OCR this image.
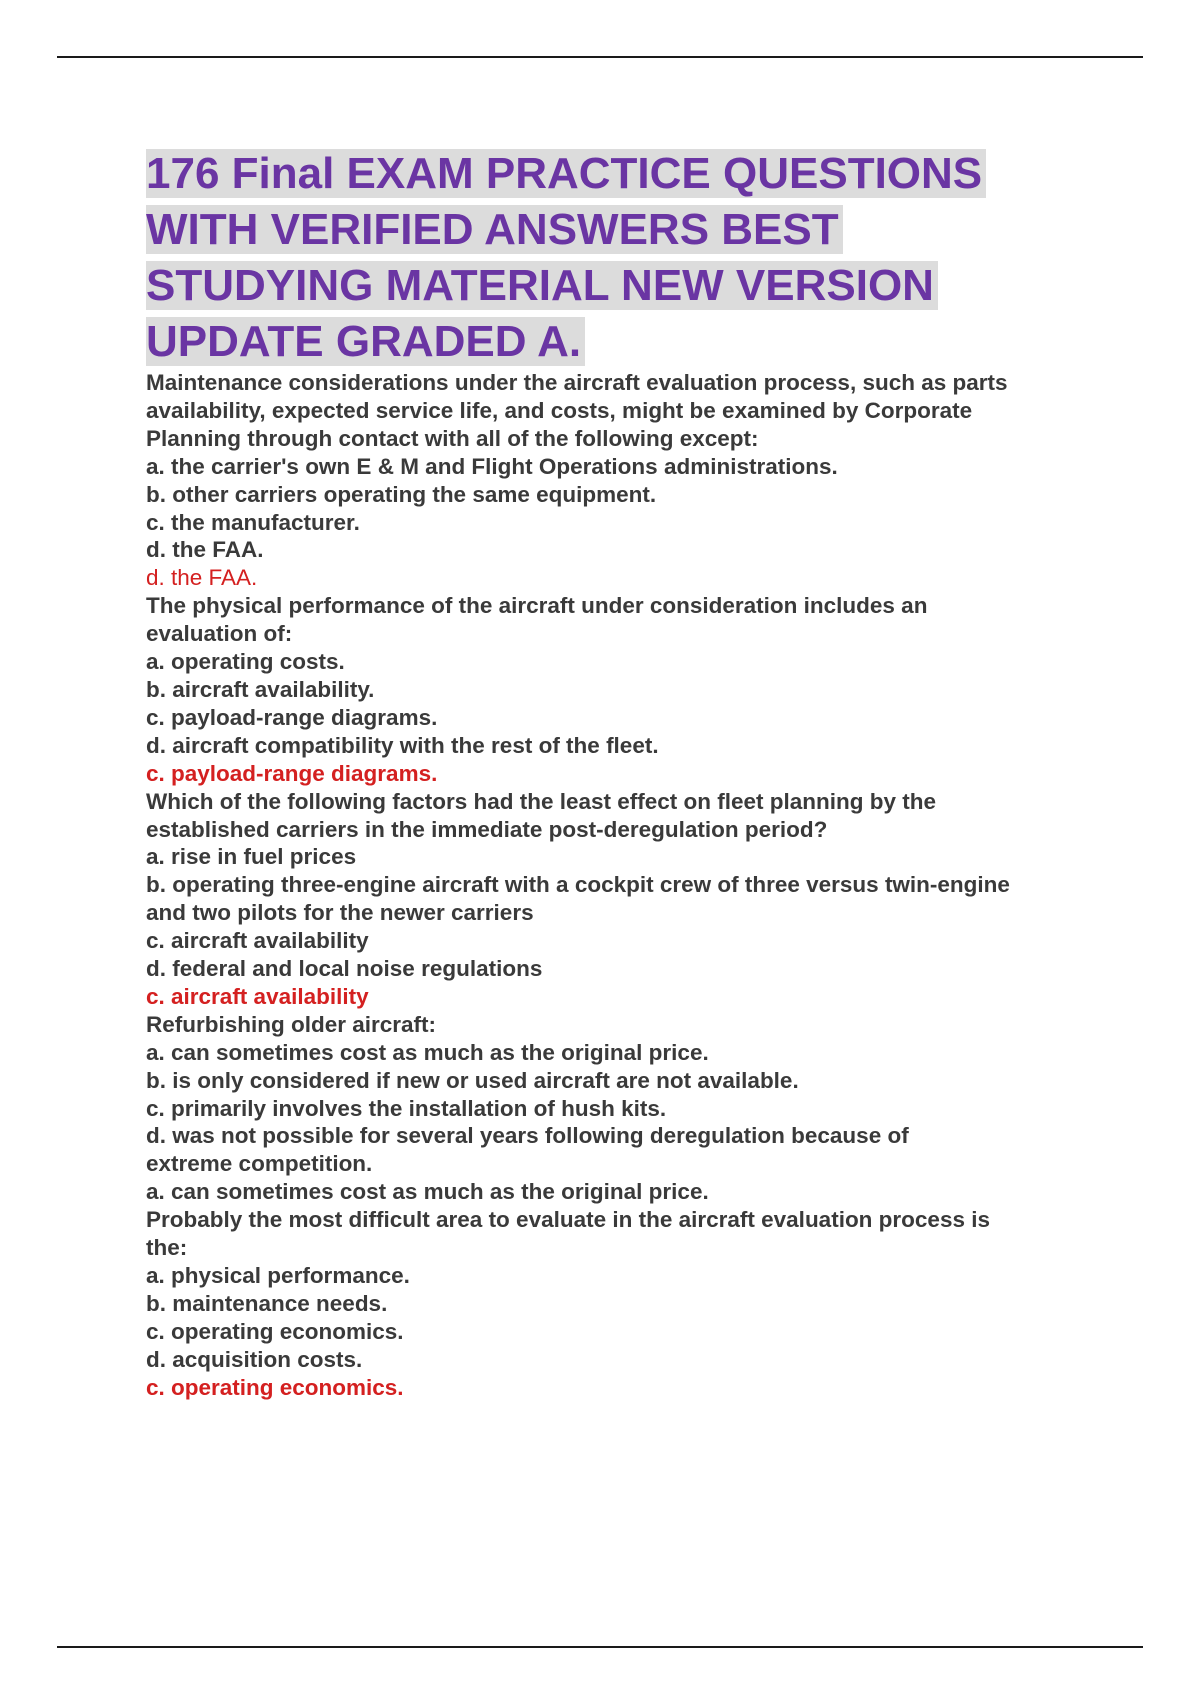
176 Final EXAM PRACTICE QUESTIONS
WITH VERIFIED ANSWERS BEST
STUDYING MATERIAL NEW VERSION
UPDATE GRADED A.
Maintenance considerations under the aircraft evaluation process, such as parts
availability, expected service life, and costs, might be examined by Corporate
Planning through contact with all of the following except:
a. the carrier's own E & M and Flight Operations administrations.
b. other carriers operating the same equipment.
c. the manufacturer.
d. the FAA.
d. the FAA.
The physical performance of the aircraft under consideration includes an
evaluation of:
a. operating costs.
b. aircraft availability.
c. payload-range diagrams.
d. aircraft compatibility with the rest of the fleet.
c. payload-range diagrams.
Which of the following factors had the least effect on fleet planning by the
established carriers in the immediate post-deregulation period?
a. rise in fuel prices
b. operating three-engine aircraft with a cockpit crew of three versus twin-engine
and two pilots for the newer carriers
c. aircraft availability
d. federal and local noise regulations
c. aircraft availability
Refurbishing older aircraft:
a. can sometimes cost as much as the original price.
b. is only considered if new or used aircraft are not available.
c. primarily involves the installation of hush kits.
d. was not possible for several years following deregulation because of
extreme competition.
a. can sometimes cost as much as the original price.
Probably the most difficult area to evaluate in the aircraft evaluation process is
the:
a. physical performance.
b. maintenance needs.
c. operating economics.
d. acquisition costs.
c. operating economics.
